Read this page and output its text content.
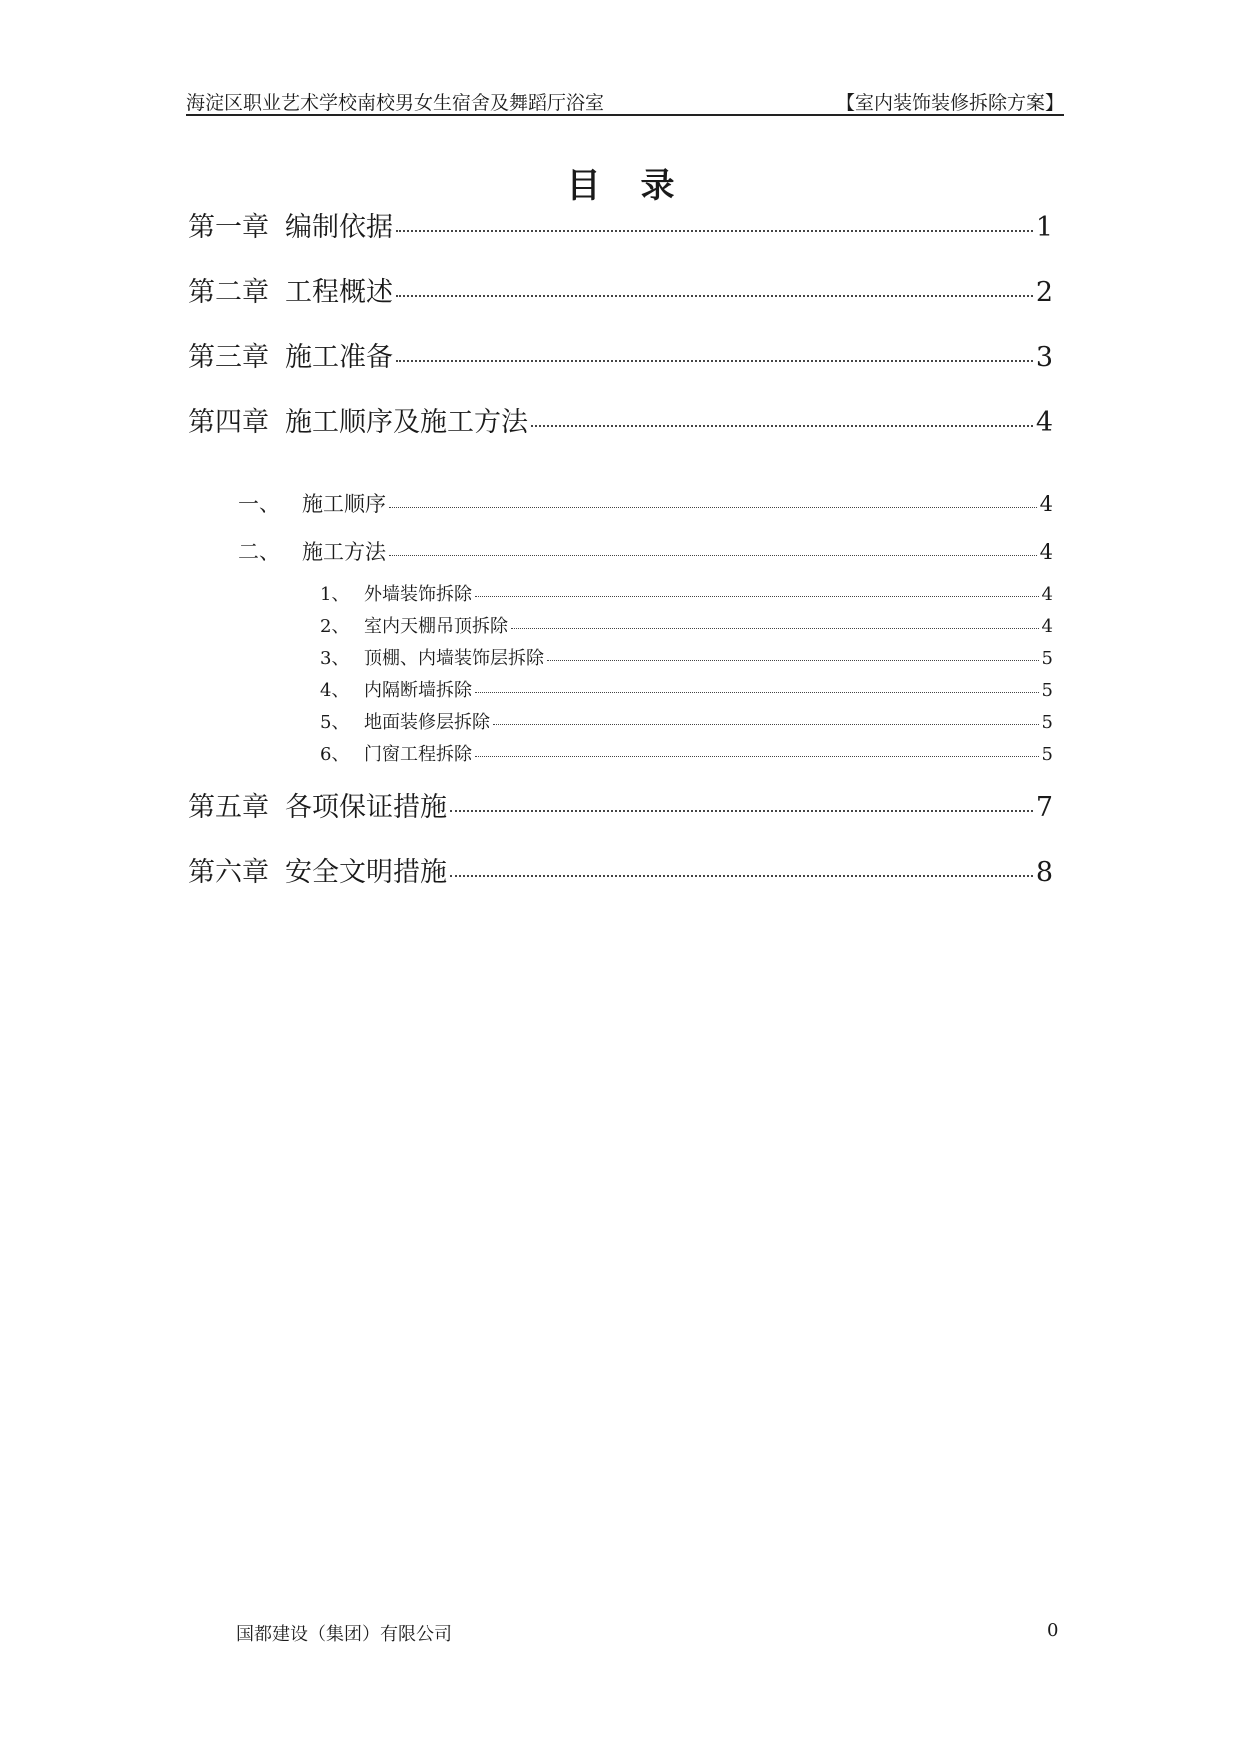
海淀区职业艺术学校南校男女生宿舍及舞蹈厅浴室	【室内装饰装修拆除方案】
目录
第一章 编制依据	1
第二章 工程概述	2
第三章 施工准备	3
第四章 施工顺序及施工方法	4
一、	施工顺序	4
二、	施工方法	4
1、 外墙装饰拆除	4
2、 室内天棚吊顶拆除	4
3、 顶棚、内墙装饰层拆除	5
4、 内隔断墙拆除	5
5、 地面装修层拆除	5
6、 门窗工程拆除	5
第五章 各项保证措施	7
第六章 安全文明措施	8
国都建设（集团）有限公司	0
